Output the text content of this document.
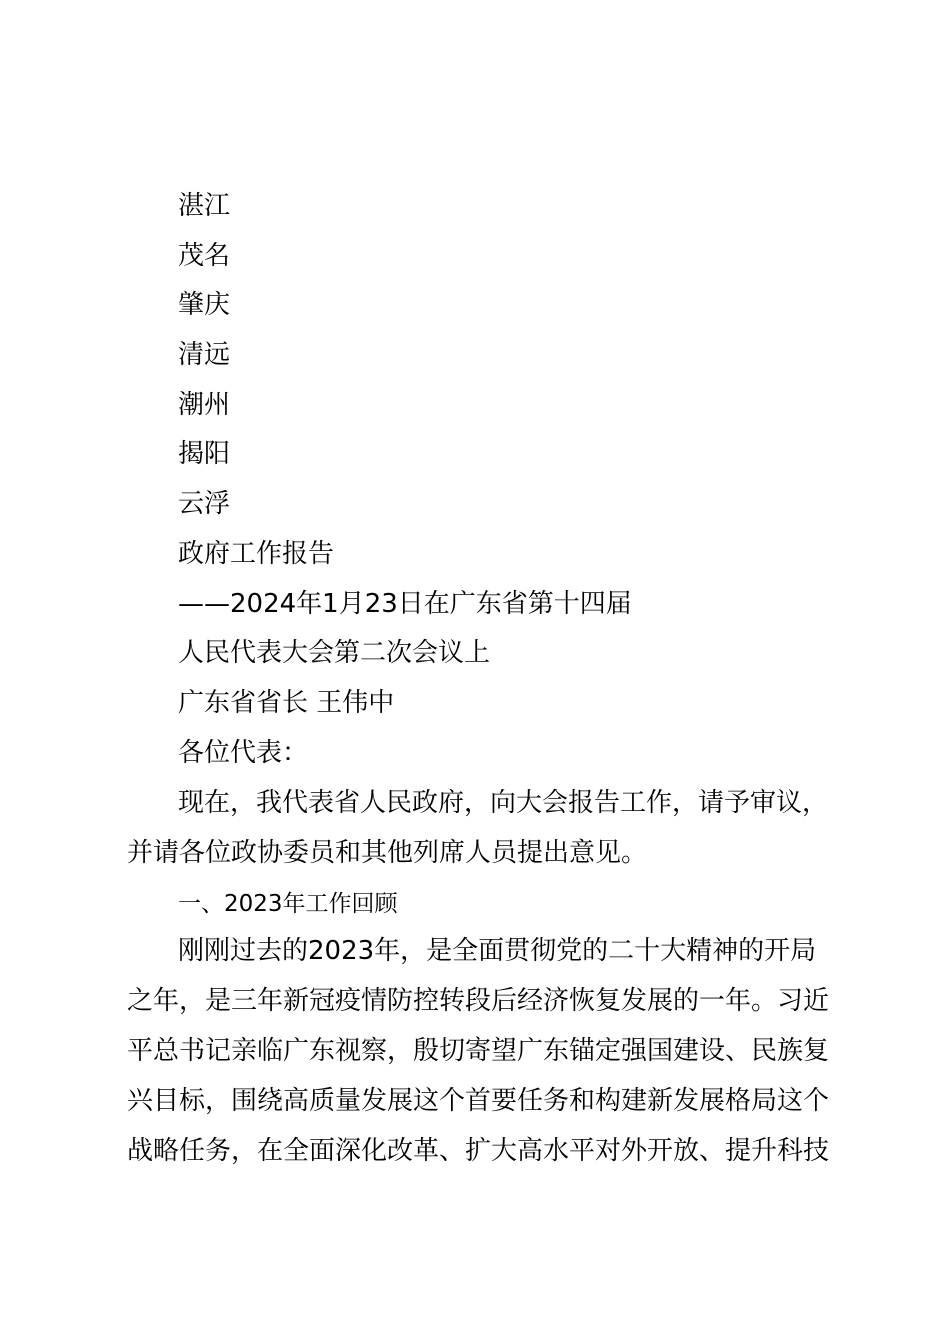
湛江
茂名
肇庆
清远
潮州
揭阳
云浮
政府工作报告
——2024年1月23日在广东省第十四届
人民代表大会第二次会议上
广东省省长 王伟中
各位代表：
现在，我代表省人民政府，向大会报告工作，请予审议，
并请各位政协委员和其他列席人员提出意见。
一、2023年工作回顾
刚刚过去的2023年，是全面贯彻党的二十大精神的开局
之年，是三年新冠疫情防控转段后经济恢复发展的一年。习近
平总书记亲临广东视察，殷切寄望广东锚定强国建设、民族复
兴目标，围绕高质量发展这个首要任务和构建新发展格局这个
战略任务，在全面深化改革、扩大高水平对外开放、提升科技
